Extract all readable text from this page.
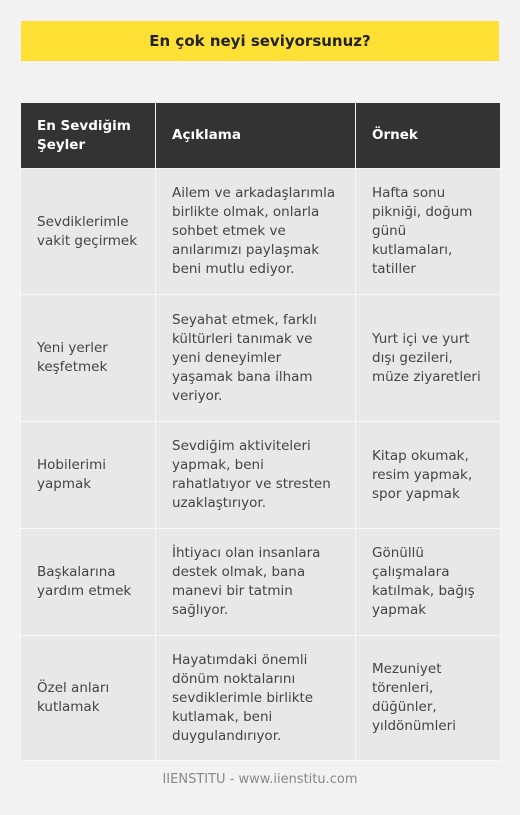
En çok neyi seviyorsunuz?
En Sevdiğim Şeyler	Açıklama	Örnek
Sevdiklerimle vakit geçirmek	Ailem ve arkadaşlarımla birlikte olmak, onlarla sohbet etmek ve anılarımızı paylaşmak beni mutlu ediyor.	Hafta sonu pikniği, doğum günü kutlamaları, tatiller
Yeni yerler keşfetmek	Seyahat etmek, farklı kültürleri tanımak ve yeni deneyimler yaşamak bana ilham veriyor.	Yurt içi ve yurt dışı gezileri, müze ziyaretleri
Hobilerimi yapmak	Sevdiğim aktiviteleri yapmak, beni rahatlatıyor ve stresten uzaklaştırıyor.	Kitap okumak, resim yapmak, spor yapmak
Başkalarına yardım etmek	İhtiyacı olan insanlara destek olmak, bana manevi bir tatmin sağlıyor.	Gönüllü çalışmalara katılmak, bağış yapmak
Özel anları kutlamak	Hayatımdaki önemli dönüm noktalarını sevdiklerimle birlikte kutlamak, beni duygulandırıyor.	Mezuniyet törenleri, düğünler, yıldönümleri
IIENSTITU - www.iienstitu.com
